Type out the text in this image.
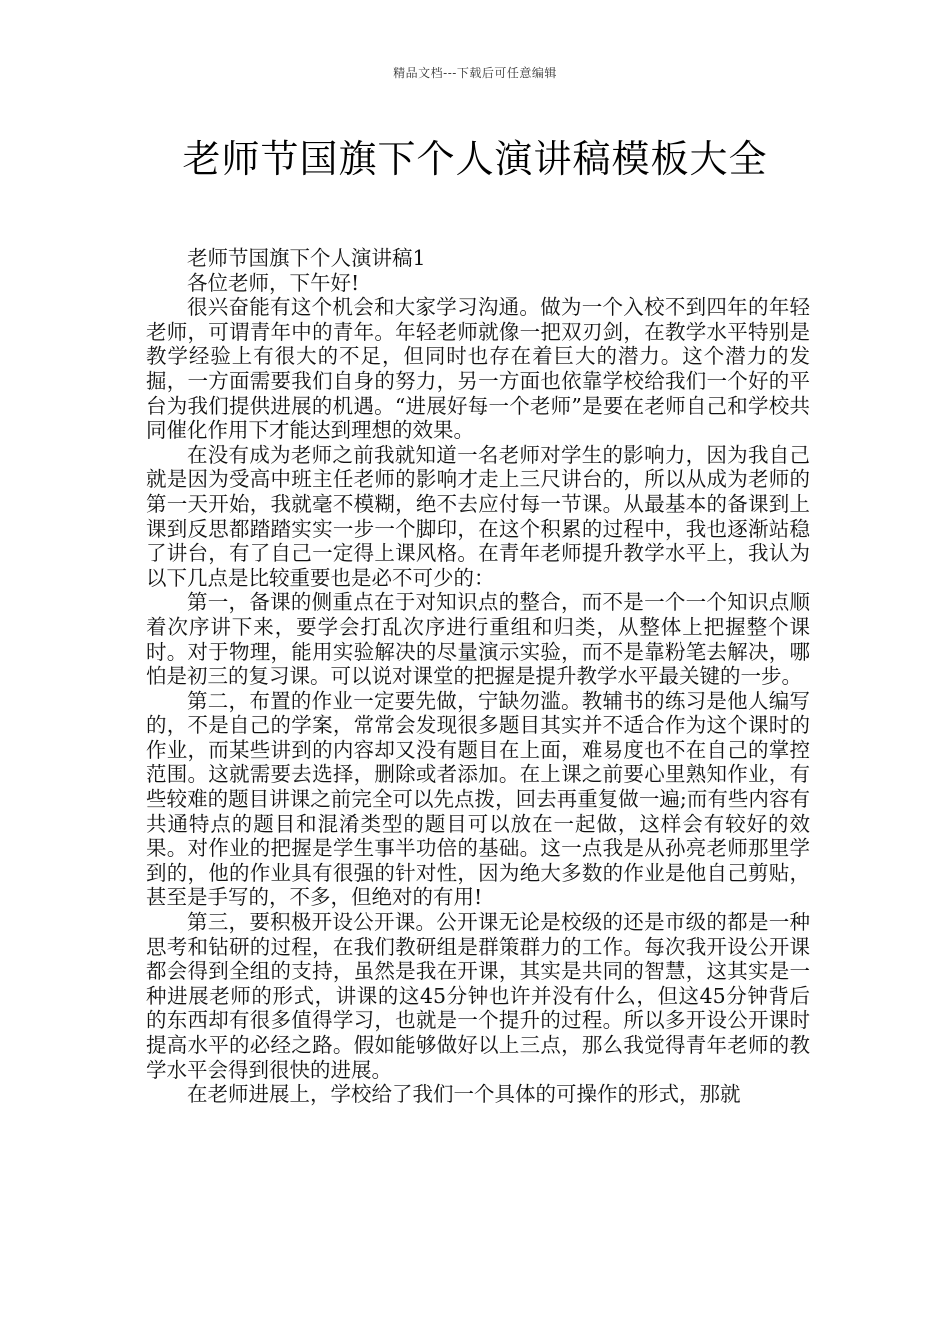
精品文档---下载后可任意编辑
老师节国旗下个人演讲稿模板大全

老师节国旗下个人演讲稿1

各位老师，下午好!

很兴奋能有这个机会和大家学习沟通。做为一个入校不到四年的年轻老师，可谓青年中的青年。年轻老师就像一把双刃剑，在教学水平特别是教学经验上有很大的不足，但同时也存在着巨大的潜力。这个潜力的发掘，一方面需要我们自身的努力，另一方面也依靠学校给我们一个好的平台为我们提供进展的机遇。“进展好每一个老师”是要在老师自己和学校共同催化作用下才能达到理想的效果。

在没有成为老师之前我就知道一名老师对学生的影响力，因为我自己就是因为受高中班主任老师的影响才走上三尺讲台的，所以从成为老师的第一天开始，我就毫不模糊，绝不去应付每一节课。从最基本的备课到上课到反思都踏踏实实一步一个脚印，在这个积累的过程中，我也逐渐站稳了讲台，有了自己一定得上课风格。在青年老师提升教学水平上，我认为以下几点是比较重要也是必不可少的：

第一，备课的侧重点在于对知识点的整合，而不是一个一个知识点顺着次序讲下来，要学会打乱次序进行重组和归类，从整体上把握整个课时。对于物理，能用实验解决的尽量演示实验，而不是靠粉笔去解决，哪怕是初三的复习课。可以说对课堂的把握是提升教学水平最关键的一步。

第二，布置的作业一定要先做，宁缺勿滥。教辅书的练习是他人编写的，不是自己的学案，常常会发现很多题目其实并不适合作为这个课时的作业，而某些讲到的内容却又没有题目在上面，难易度也不在自己的掌控范围。这就需要去选择，删除或者添加。在上课之前要心里熟知作业，有些较难的题目讲课之前完全可以先点拨，回去再重复做一遍;而有些内容有共通特点的题目和混淆类型的题目可以放在一起做，这样会有较好的效果。对作业的把握是学生事半功倍的基础。这一点我是从孙亮老师那里学到的，他的作业具有很强的针对性，因为绝大多数的作业是他自己剪贴，甚至是手写的，不多，但绝对的有用!

第三，要积极开设公开课。公开课无论是校级的还是市级的都是一种思考和钻研的过程，在我们教研组是群策群力的工作。每次我开设公开课都会得到全组的支持，虽然是我在开课，其实是共同的智慧，这其实是一种进展老师的形式，讲课的这45分钟也许并没有什么，但这45分钟背后的东西却有很多值得学习，也就是一个提升的过程。所以多开设公开课时提高水平的必经之路。假如能够做好以上三点，那么我觉得青年老师的教学水平会得到很快的进展。

在老师进展上，学校给了我们一个具体的可操作的形式，那就
